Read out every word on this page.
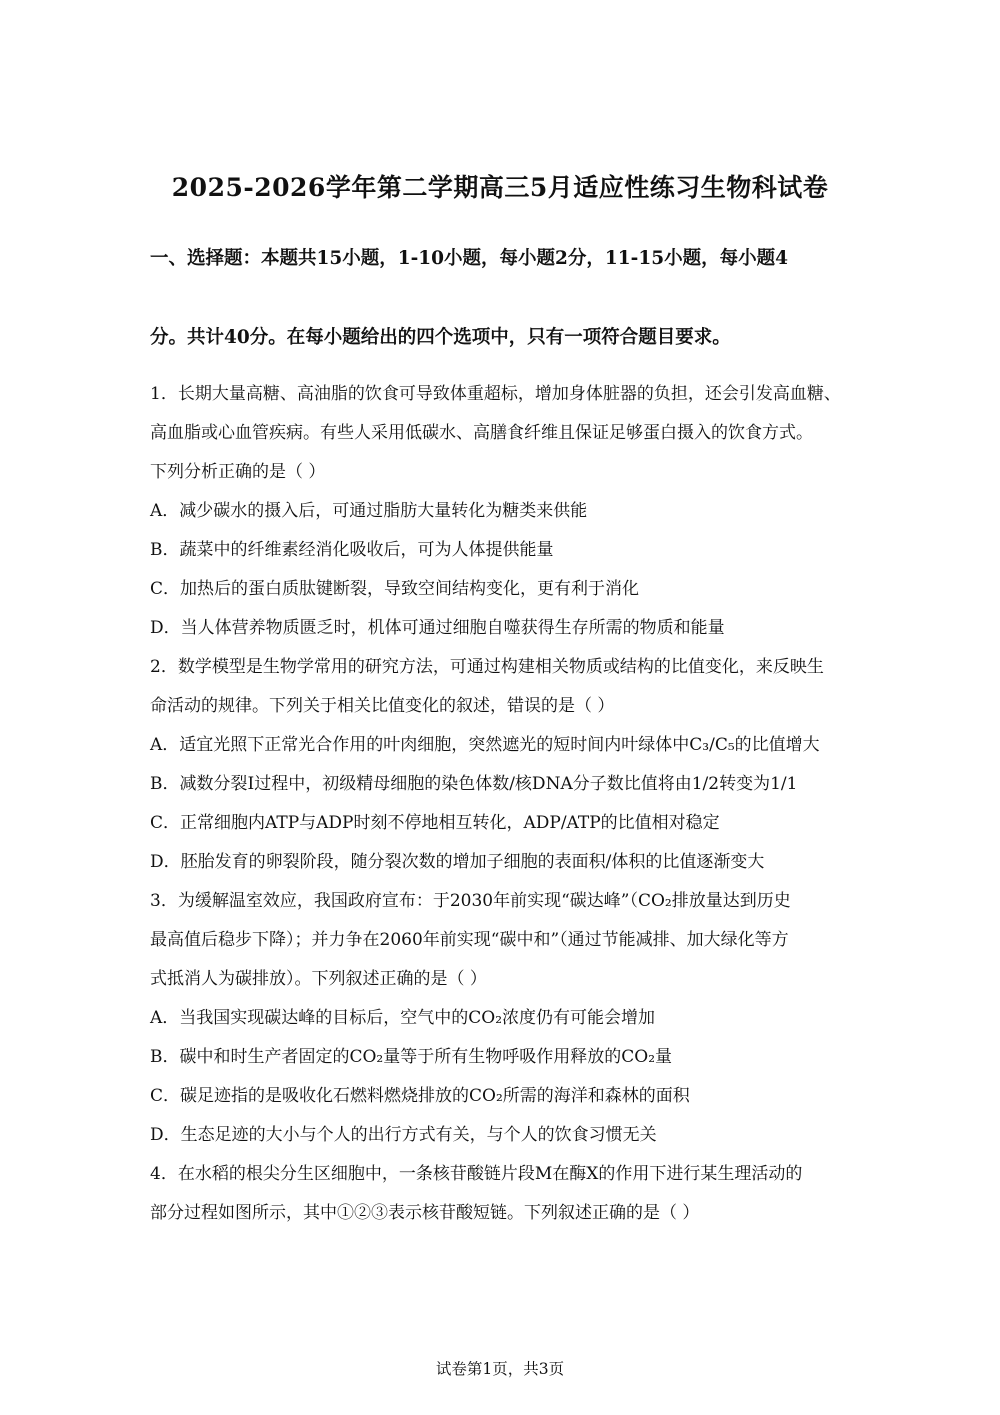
2025-2026学年第二学期高三5月适应性练习生物科试卷
一、选择题：本题共15小题，1-10小题，每小题2分，11-15小题，每小题4
分。共计40分。在每小题给出的四个选项中，只有一项符合题目要求。
1．长期大量高糖、高油脂的饮食可导致体重超标，增加身体脏器的负担，还会引发高血糖、
高血脂或心血管疾病。有些人采用低碳水、高膳食纤维且保证足够蛋白摄入的饮食方式。
下列分析正确的是（ ）
A．减少碳水的摄入后，可通过脂肪大量转化为糖类来供能
B．蔬菜中的纤维素经消化吸收后，可为人体提供能量
C．加热后的蛋白质肽键断裂，导致空间结构变化，更有利于消化
D．当人体营养物质匮乏时，机体可通过细胞自噬获得生存所需的物质和能量
2．数学模型是生物学常用的研究方法，可通过构建相关物质或结构的比值变化，来反映生
命活动的规律。下列关于相关比值变化的叙述，错误的是（ ）
A．适宜光照下正常光合作用的叶肉细胞，突然遮光的短时间内叶绿体中C₃/C₅的比值增大
B．减数分裂Ⅰ过程中，初级精母细胞的染色体数/核DNA分子数比值将由1/2转变为1/1
C．正常细胞内ATP与ADP时刻不停地相互转化，ADP/ATP的比值相对稳定
D．胚胎发育的卵裂阶段，随分裂次数的增加子细胞的表面积/体积的比值逐渐变大
3．为缓解温室效应，我国政府宣布：于2030年前实现“碳达峰”（CO₂排放量达到历史
最高值后稳步下降）；并力争在2060年前实现“碳中和”（通过节能减排、加大绿化等方
式抵消人为碳排放）。下列叙述正确的是（ ）
A．当我国实现碳达峰的目标后，空气中的CO₂浓度仍有可能会增加
B．碳中和时生产者固定的CO₂量等于所有生物呼吸作用释放的CO₂量
C．碳足迹指的是吸收化石燃料燃烧排放的CO₂所需的海洋和森林的面积
D．生态足迹的大小与个人的出行方式有关，与个人的饮食习惯无关
4．在水稻的根尖分生区细胞中，一条核苷酸链片段M在酶X的作用下进行某生理活动的
部分过程如图所示，其中①②③表示核苷酸短链。下列叙述正确的是（ ）
试卷第1页，共3页
